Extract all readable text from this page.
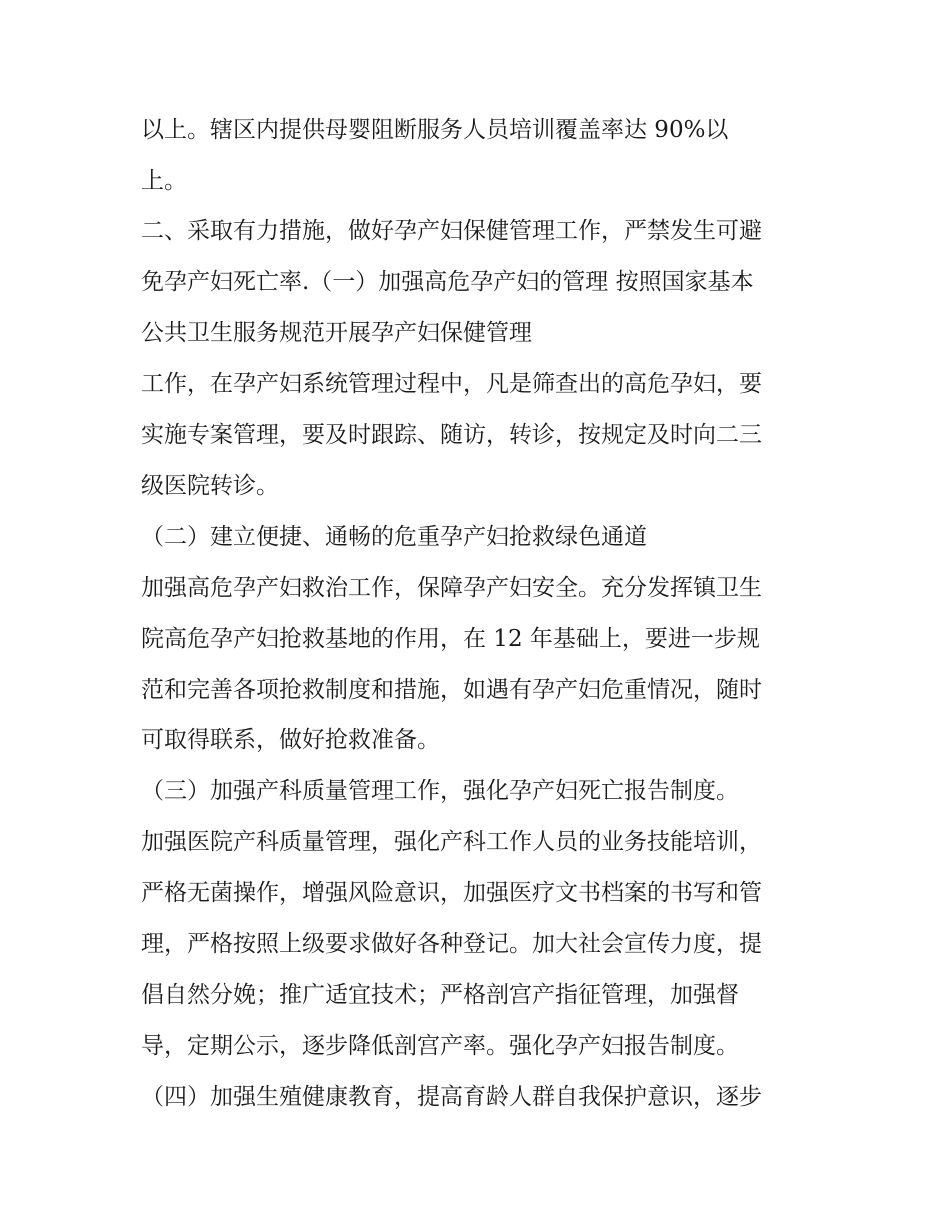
以上。辖区内提供母婴阻断服务人员培训覆盖率达 90%以
上。
二、采取有力措施，做好孕产妇保健管理工作，严禁发生可避
免孕产妇死亡率.（一）加强高危孕产妇的管理 按照国家基本
公共卫生服务规范开展孕产妇保健管理
工作，在孕产妇系统管理过程中，凡是筛查出的高危孕妇，要
实施专案管理，要及时跟踪、随访，转诊，按规定及时向二三
级医院转诊。
（二）建立便捷、通畅的危重孕产妇抢救绿色通道
加强高危孕产妇救治工作，保障孕产妇安全。充分发挥镇卫生
院高危孕产妇抢救基地的作用，在 12 年基础上，要进一步规
范和完善各项抢救制度和措施，如遇有孕产妇危重情况，随时
可取得联系，做好抢救准备。
（三）加强产科质量管理工作，强化孕产妇死亡报告制度。
加强医院产科质量管理，强化产科工作人员的业务技能培训，
严格无菌操作，增强风险意识，加强医疗文书档案的书写和管
理，严格按照上级要求做好各种登记。加大社会宣传力度，提
倡自然分娩；推广适宜技术；严格剖宫产指征管理，加强督
导，定期公示，逐步降低剖宫产率。强化孕产妇报告制度。
（四）加强生殖健康教育，提高育龄人群自我保护意识，逐步
